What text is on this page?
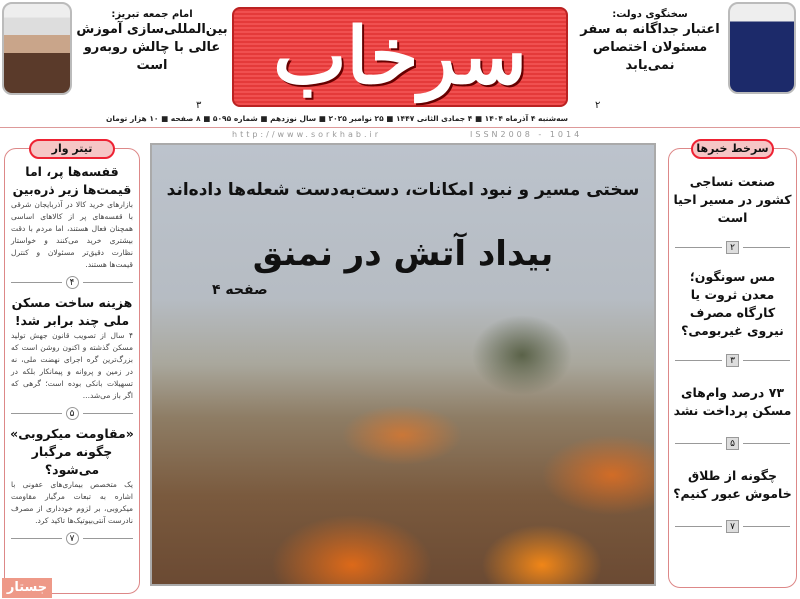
سخنگوی دولت:
اعتبار جداگانه به سفر مسئولان اختصاص نمی‌یابد
۲
امام جمعه تبریز:
بین‌المللی‌سازی آموزش عالی با چالش روبه‌رو است
۳
سرخاب
سه‌شنبه ۴ آذرماه ۱۴۰۴ ■ ۴ جمادی الثانی ۱۴۴۷ ■ ۲۵ نوامبر ۲۰۲۵ ■ سال نوزدهم ■ شماره ۵۰۹۵ ■ ۸ صفحه ■ ۱۰ هزار تومان
http://www.sorkhab.ir	ISSN2008 - 1014
تیتر وار
قفسه‌ها پر، اما قیمت‌ها زیر ذره‌بین

بازارهای خرید کالا در آذربایجان شرقی با قفسه‌های پر از کالاهای اساسی همچنان فعال هستند، اما مردم با دقت بیشتری خرید می‌کنند و خواستار نظارت دقیق‌تر مسئولان و کنترل قیمت‌ها هستند.

۴
هزینه ساخت مسکن ملی چند برابر شد!

۴ سال از تصویب قانون جهش تولید مسکن گذشته و اکنون روشن است که بزرگ‌ترین گره اجرای نهضت ملی، نه در زمین و پروانه و پیمانکار بلکه در تسهیلات بانکی بوده است؛ گرهی که اگر باز می‌شد...

۵
«مقاومت میکروبی» چگونه مرگبار می‌شود؟

یک متخصص بیماری‌های عفونی با اشاره به تبعات مرگبار مقاومت میکروبی، بر لزوم خودداری از مصرف نادرست آنتی‌بیوتیک‌ها تاکید کرد.

۷
جستار
سختی مسیر و نبود امکانات، دست‌به‌دست شعله‌ها داده‌اند
بیداد آتش در نمنق
صفحه ۴
سرخط خبرها
صنعت نساجی کشور در مسیر احیا است
۲
مس سونگون؛ معدن ثروت یا کارگاه مصرف نیروی غیربومی؟
۳
۷۳ درصد وام‌های مسکن پرداخت نشد
۵
چگونه از طلاق خاموش عبور کنیم؟
۷
